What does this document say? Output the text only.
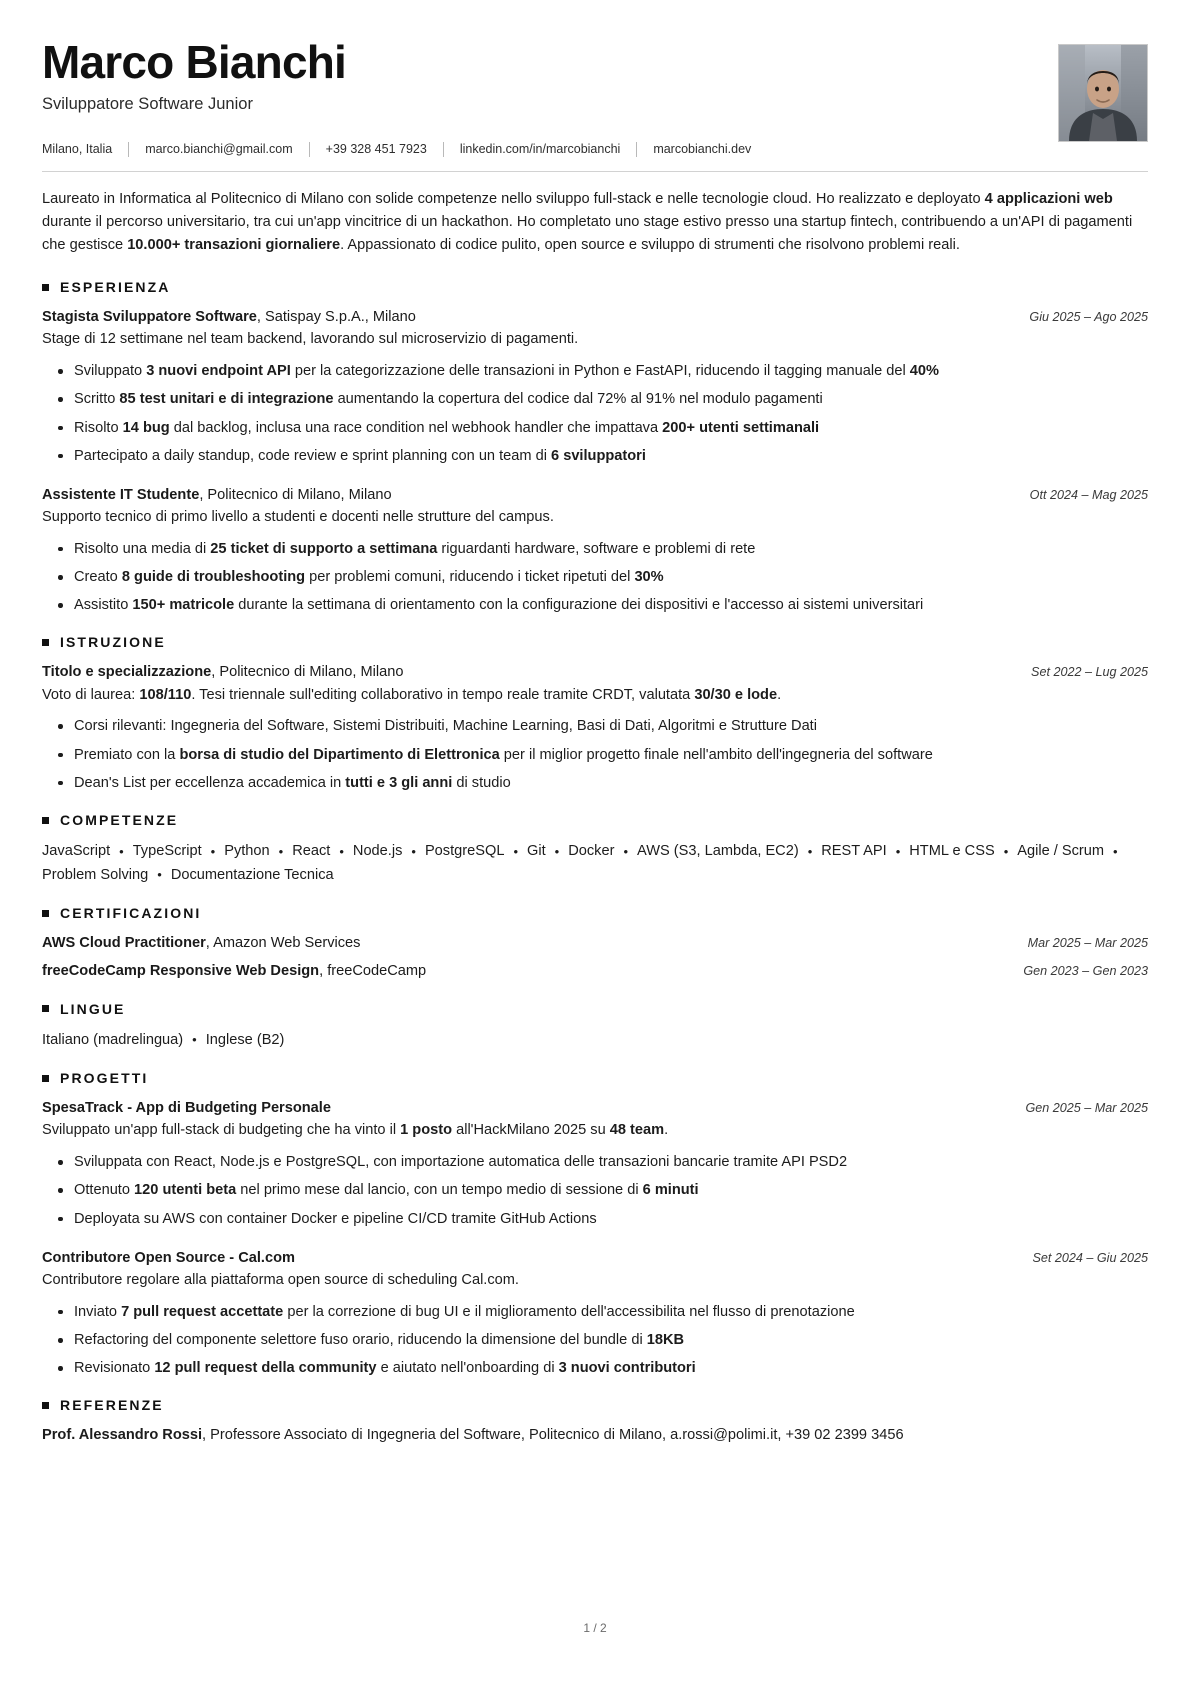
Marco Bianchi
Sviluppatore Software Junior
Milano, Italia	marco.bianchi@gmail.com	+39 328 451 7923	linkedin.com/in/marcobianchi	marcobianchi.dev

Laureato in Informatica al Politecnico di Milano con solide competenze nello sviluppo full-stack e nelle tecnologie cloud. Ho realizzato e deployato 4 applicazioni web durante il percorso universitario, tra cui un'app vincitrice di un hackathon. Ho completato uno stage estivo presso una startup fintech, contribuendo a un'API di pagamenti che gestisce 10.000+ transazioni giornaliere. Appassionato di codice pulito, open source e sviluppo di strumenti che risolvono problemi reali.

ESPERIENZA
Stagista Sviluppatore Software, Satispay S.p.A., Milano	Giu 2025 – Ago 2025
Stage di 12 settimane nel team backend, lavorando sul microservizio di pagamenti.
Sviluppato 3 nuovi endpoint API per la categorizzazione delle transazioni in Python e FastAPI, riducendo il tagging manuale del 40%
Scritto 85 test unitari e di integrazione aumentando la copertura del codice dal 72% al 91% nel modulo pagamenti
Risolto 14 bug dal backlog, inclusa una race condition nel webhook handler che impattava 200+ utenti settimanali
Partecipato a daily standup, code review e sprint planning con un team di 6 sviluppatori
Assistente IT Studente, Politecnico di Milano, Milano	Ott 2024 – Mag 2025
Supporto tecnico di primo livello a studenti e docenti nelle strutture del campus.
Risolto una media di 25 ticket di supporto a settimana riguardanti hardware, software e problemi di rete
Creato 8 guide di troubleshooting per problemi comuni, riducendo i ticket ripetuti del 30%
Assistito 150+ matricole durante la settimana di orientamento con la configurazione dei dispositivi e l'accesso ai sistemi universitari
ISTRUZIONE
Titolo e specializzazione, Politecnico di Milano, Milano	Set 2022 – Lug 2025
Voto di laurea: 108/110. Tesi triennale sull'editing collaborativo in tempo reale tramite CRDT, valutata 30/30 e lode.
Corsi rilevanti: Ingegneria del Software, Sistemi Distribuiti, Machine Learning, Basi di Dati, Algoritmi e Strutture Dati
Premiato con la borsa di studio del Dipartimento di Elettronica per il miglior progetto finale nell'ambito dell'ingegneria del software
Dean's List per eccellenza accademica in tutti e 3 gli anni di studio
COMPETENZE
JavaScript • TypeScript • Python • React • Node.js • PostgreSQL • Git • Docker • AWS (S3, Lambda, EC2) • REST API • HTML e CSS • Agile / Scrum •Problem Solving • Documentazione Tecnica
CERTIFICAZIONI
AWS Cloud Practitioner, Amazon Web Services	Mar 2025 – Mar 2025
freeCodeCamp Responsive Web Design, freeCodeCamp	Gen 2023 – Gen 2023
LINGUE
Italiano (madrelingua) • Inglese (B2)
PROGETTI
SpesaTrack - App di Budgeting Personale	Gen 2025 – Mar 2025
Sviluppato un'app full-stack di budgeting che ha vinto il 1 posto all'HackMilano 2025 su 48 team.
Sviluppata con React, Node.js e PostgreSQL, con importazione automatica delle transazioni bancarie tramite API PSD2
Ottenuto 120 utenti beta nel primo mese dal lancio, con un tempo medio di sessione di 6 minuti
Deployata su AWS con container Docker e pipeline CI/CD tramite GitHub Actions
Contributore Open Source - Cal.com	Set 2024 – Giu 2025
Contributore regolare alla piattaforma open source di scheduling Cal.com.
Inviato 7 pull request accettate per la correzione di bug UI e il miglioramento dell'accessibilita nel flusso di prenotazione
Refactoring del componente selettore fuso orario, riducendo la dimensione del bundle di 18KB
Revisionato 12 pull request della community e aiutato nell'onboarding di 3 nuovi contributori
REFERENZE
Prof. Alessandro Rossi, Professore Associato di Ingegneria del Software, Politecnico di Milano, a.rossi@polimi.it, +39 02 2399 3456
1 / 2
